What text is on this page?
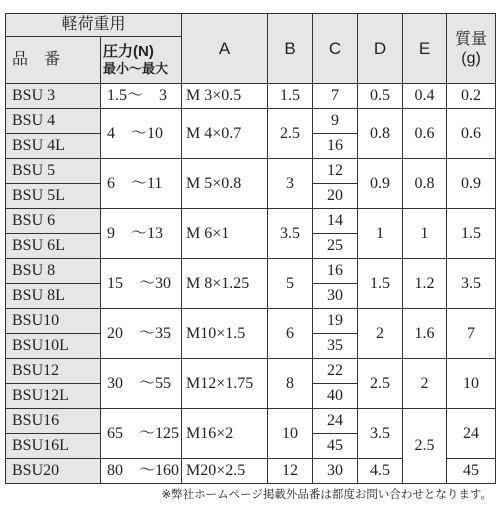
軽荷重用		A	B	C	D	E	質量
(g)

品　番	圧力(N)
最小～最大						

BSU 3	1.5～　3	M 3×0.5	1.5	7	0.5	0.4	0.2
BSU 4	4　～10	M 4×0.7	2.5	9	0.8	0.6	0.6
BSU 4L				16			
BSU 5	6　～11	M 5×0.8	3	12	0.9	0.8	0.9
BSU 5L				20			
BSU 6	9　～13	M 6×1	3.5	14	1	1	1.5
BSU 6L				25			
BSU 8	15　～30	M 8×1.25	5	16	1.5	1.2	3.5
BSU 8L				30			
BSU10	20　～35	M10×1.5	6	19	2	1.6	7
BSU10L				35			
BSU12	30　～55	M12×1.75	8	22	2.5	2	10
BSU12L				40			
BSU16	65　～125	M16×2	10	24	3.5	2.5	24
BSU16L				45			
BSU20	80　～160	M20×2.5	12	30	4.5		45
※弊社ホームページ掲載外品番は都度お問い合わせとなります。
